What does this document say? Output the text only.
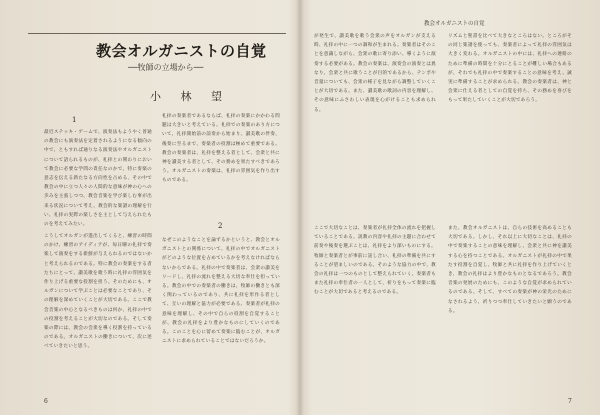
教会オルガニストの自覚
──牧師の立場から──
小 林 望
最近ステッキ・ゲームで、演奏法もようやく普通の教会にも演奏法を定着されるようになる傾向の中で、ともすれば通りなる演奏法やオルガニストについて語られるものが、礼拝との関わりにおいて教会に必要な学問の責任なのかで、特に奏楽の意志を伝える新たなる方向性を占める、その中で教会の中に立つ人々の人間的な意味が神の心への歩みを主張しつつ、教会音楽を学び楽しむ事が出来る状況について考え、教会的な楽譜の理解を行い、礼拝の実際の楽しさを主として与えられたものを考えてみたい。
1
こうしてオルガンが進出してくると、練習の時間のかけ、練習のアイディアが、毎日曜の礼拝で奏楽して演奏をする新鮮が与えられるのではないかと考えられるのである。特に教会の奏楽をする者たちにとって、讃美歌を歌う時に礼拝の雰囲気を作り上げる重要な役割を担う。そのためにも、オルガンについて学ぶことは必要なことであり、その理解を深めていくことが大切である。ここで教会音楽の中心となるべきものは何か、礼拝の中での役割を考えることが大切なのである。そして奏楽の際には、教会の会衆を導く役割を持っているのである。オルガニストの働きについて、次に述べていきたいと思う。
礼拝の奏楽者であるならば、礼拝の奏楽にかかわる問題は大きいと考えている。礼拝での奏楽のあり方について、礼拝開始前の前奏から始まり、讃美歌の伴奏、後奏に至るまで、奏楽者の役割は極めて重要である。教会の奏楽者は、礼拝を整える者として、会衆と共に神を讃美する者として、その務めを果たすべきであろう。オルガニストの奏楽は、礼拝の雰囲気を作り出すものである。
2
なぜこのようなことを論ずるかというと、教会とオルガニストとの関係について、礼拝の中でオルガニストがどのような位置を占めているかを考えなければならないからである。礼拝の中で奏楽者は、会衆の讃美をリードし、礼拝の流れを整える大切な奉仕を担っている。教会の中での奏楽者の働きは、牧師の働きとも深く関わっているのであり、共に礼拝を形作る者として、互いの理解と協力が必要である。奏楽者が礼拝の意味を理解し、その中で自らの役割を自覚することが、教会の礼拝をより豊かなものにしていくのである。このことを心に留めて奏楽に臨むことが、オルガニストに求められていることではないだろうか。
6
教会オルガニストの自覚
が発生で、讃美歌を歌う会衆の声をオルガンが支える時、礼拝の中に一つの調和が生まれる。奏楽者はそのことを意識しながら、会衆の歌に寄り添い、導くように演奏する必要がある。教会の奏楽は、演奏会の演奏とは異なり、会衆と共に歌うことが目的であるから、テンポや音量についても、会衆の様子を見ながら調整していくことが大切である。また、讃美歌の歌詞の内容を理解し、その意味にふさわしい表現を心がけることも求められる。
ここで大切なことは、奏楽者が礼拝全体の流れを把握していることである。説教の内容や礼拝の主題に合わせて前奏や後奏を選ぶことは、礼拝をより深いものにする。牧師と奏楽者とが事前に話し合い、礼拝の準備を共にすることが望ましいのである。そのような協力の中で、教会の礼拝は一つのものとして整えられていく。奏楽者もまた礼拝の奉仕者の一人として、祈りをもって奏楽に臨むことが大切であると考えるのである。
リズムと聖書を比べて大きなところはない。ところがその同じ楽譜を使っても、奏楽者によって礼拝の雰囲気は大きく変わる。オルガニストの中には、礼拝への連絡のために準備の時間を十分にとることが難しい場合もあるが、それでも礼拝の中で奏楽することの意味を考え、誠実に準備することが求められる。教会の奏楽者は、神と会衆に仕える者としての自覚を持ち、その務めを喜びをもって果たしていくことが大切であろう。
また、教会オルガニストは、自らの技術を高めることも大切である。しかし、それ以上に大切なことは、礼拝の中で奏楽することの意味を理解し、会衆と共に神を讃美する心を持つことである。オルガニストが礼拝の中で果たす役割を自覚し、牧師と共に礼拝を作り上げていくとき、教会の礼拝はより豊かなものとなるであろう。教会音楽の発展のためにも、このような自覚が求められているのである。そして、すべての奏楽が神の栄光のためになされるよう、祈りつつ奉仕していきたいと願うのである。
7
